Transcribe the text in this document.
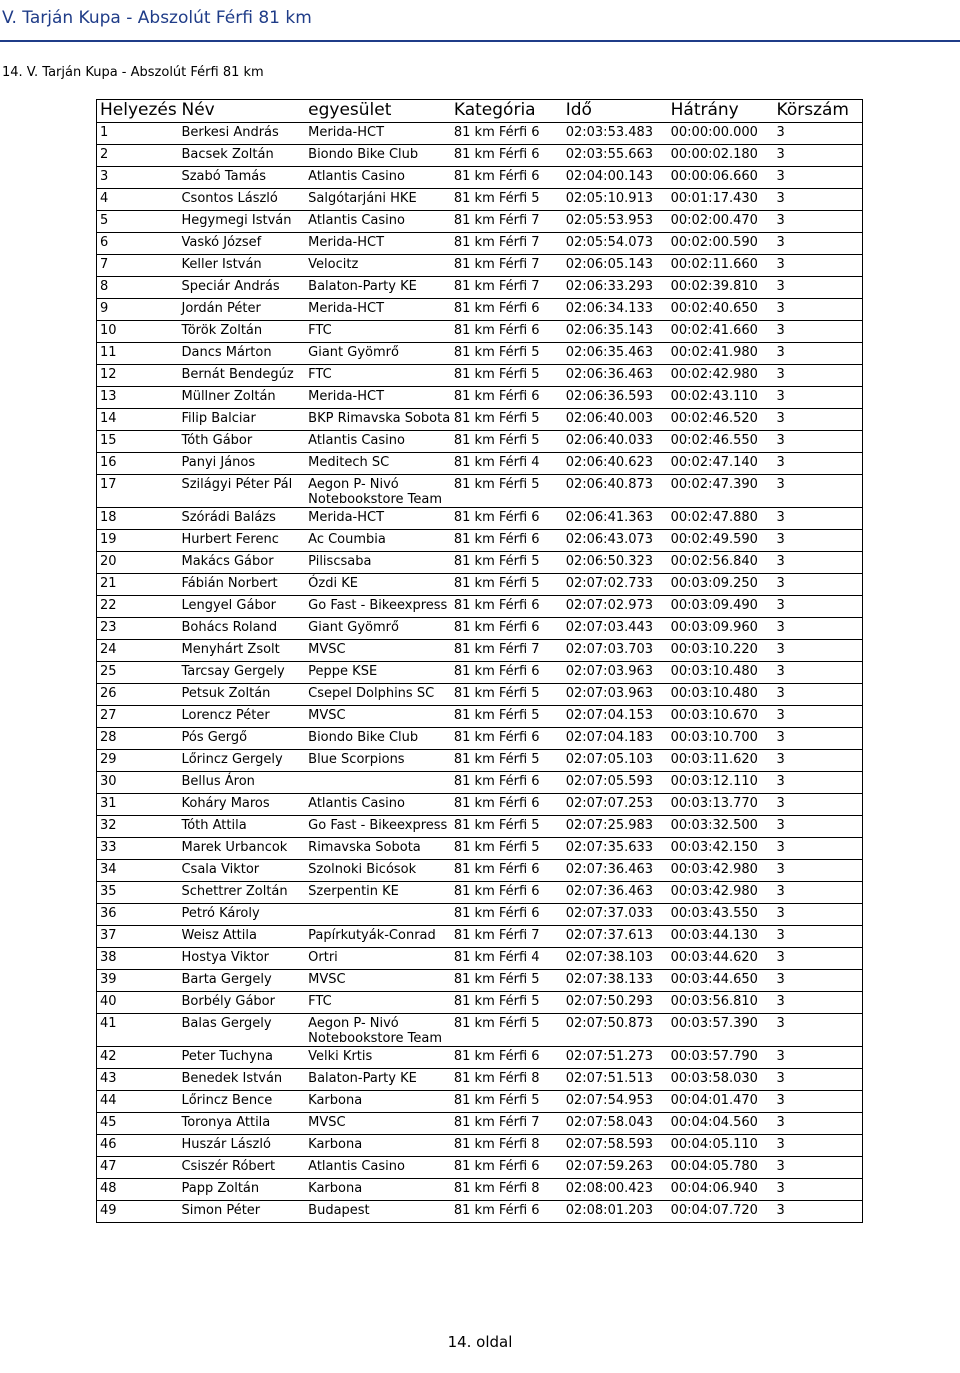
V. Tarján Kupa - Abszolút Férfi 81 km
14. V. Tarján Kupa - Abszolút Férfi 81 km
Helyezés	Név	egyesület	Kategória	Idő	Hátrány	Körszám
1	Berkesi András	Merida-HCT	81 km Férfi 6	02:03:53.483	00:00:00.000	3
2	Bacsek Zoltán	Biondo Bike Club	81 km Férfi 6	02:03:55.663	00:00:02.180	3
3	Szabó Tamás	Atlantis Casino	81 km Férfi 6	02:04:00.143	00:00:06.660	3
4	Csontos László	Salgótarjáni HKE	81 km Férfi 5	02:05:10.913	00:01:17.430	3
5	Hegymegi István	Atlantis Casino	81 km Férfi 7	02:05:53.953	00:02:00.470	3
6	Vaskó József	Merida-HCT	81 km Férfi 7	02:05:54.073	00:02:00.590	3
7	Keller István	Velocitz	81 km Férfi 7	02:06:05.143	00:02:11.660	3
8	Speciár András	Balaton-Party KE	81 km Férfi 7	02:06:33.293	00:02:39.810	3
9	Jordán Péter	Merida-HCT	81 km Férfi 6	02:06:34.133	00:02:40.650	3
10	Török Zoltán	FTC	81 km Férfi 6	02:06:35.143	00:02:41.660	3
11	Dancs Márton	Giant Gyömrő	81 km Férfi 5	02:06:35.463	00:02:41.980	3
12	Bernát Bendegúz	FTC	81 km Férfi 5	02:06:36.463	00:02:42.980	3
13	Müllner Zoltán	Merida-HCT	81 km Férfi 6	02:06:36.593	00:02:43.110	3
14	Filip Balciar	BKP Rimavska Sobota	81 km Férfi 5	02:06:40.003	00:02:46.520	3
15	Tóth Gábor	Atlantis Casino	81 km Férfi 5	02:06:40.033	00:02:46.550	3
16	Panyi János	Meditech SC	81 km Férfi 4	02:06:40.623	00:02:47.140	3
17	Szilágyi Péter Pál	Aegon P- Nivó Notebookstore Team	81 km Férfi 5	02:06:40.873	00:02:47.390	3
18	Szórádi Balázs	Merida-HCT	81 km Férfi 6	02:06:41.363	00:02:47.880	3
19	Hurbert Ferenc	Ac Coumbia	81 km Férfi 6	02:06:43.073	00:02:49.590	3
20	Makács Gábor	Piliscsaba	81 km Férfi 5	02:06:50.323	00:02:56.840	3
21	Fábián Norbert	Ózdi KE	81 km Férfi 5	02:07:02.733	00:03:09.250	3
22	Lengyel Gábor	Go Fast - Bikeexpress	81 km Férfi 6	02:07:02.973	00:03:09.490	3
23	Bohács Roland	Giant Gyömrő	81 km Férfi 6	02:07:03.443	00:03:09.960	3
24	Menyhárt Zsolt	MVSC	81 km Férfi 7	02:07:03.703	00:03:10.220	3
25	Tarcsay Gergely	Peppe KSE	81 km Férfi 6	02:07:03.963	00:03:10.480	3
26	Petsuk Zoltán	Csepel Dolphins SC	81 km Férfi 5	02:07:03.963	00:03:10.480	3
27	Lorencz Péter	MVSC	81 km Férfi 5	02:07:04.153	00:03:10.670	3
28	Pós Gergő	Biondo Bike Club	81 km Férfi 6	02:07:04.183	00:03:10.700	3
29	Lőrincz Gergely	Blue Scorpions	81 km Férfi 5	02:07:05.103	00:03:11.620	3
30	Bellus Áron		81 km Férfi 6	02:07:05.593	00:03:12.110	3
31	Koháry Maros	Atlantis Casino	81 km Férfi 6	02:07:07.253	00:03:13.770	3
32	Tóth Attila	Go Fast - Bikeexpress	81 km Férfi 5	02:07:25.983	00:03:32.500	3
33	Marek Urbancok	Rimavska Sobota	81 km Férfi 5	02:07:35.633	00:03:42.150	3
34	Csala Viktor	Szolnoki Bicósok	81 km Férfi 6	02:07:36.463	00:03:42.980	3
35	Schettrer Zoltán	Szerpentin KE	81 km Férfi 6	02:07:36.463	00:03:42.980	3
36	Petró Károly		81 km Férfi 6	02:07:37.033	00:03:43.550	3
37	Weisz Attila	Papírkutyák-Conrad	81 km Férfi 7	02:07:37.613	00:03:44.130	3
38	Hostya Viktor	Ortri	81 km Férfi 4	02:07:38.103	00:03:44.620	3
39	Barta Gergely	MVSC	81 km Férfi 5	02:07:38.133	00:03:44.650	3
40	Borbély Gábor	FTC	81 km Férfi 5	02:07:50.293	00:03:56.810	3
41	Balas Gergely	Aegon P- Nivó Notebookstore Team	81 km Férfi 5	02:07:50.873	00:03:57.390	3
42	Peter Tuchyna	Velki Krtis	81 km Férfi 6	02:07:51.273	00:03:57.790	3
43	Benedek István	Balaton-Party KE	81 km Férfi 8	02:07:51.513	00:03:58.030	3
44	Lőrincz Bence	Karbona	81 km Férfi 5	02:07:54.953	00:04:01.470	3
45	Toronya Attila	MVSC	81 km Férfi 7	02:07:58.043	00:04:04.560	3
46	Huszár László	Karbona	81 km Férfi 8	02:07:58.593	00:04:05.110	3
47	Csiszér Róbert	Atlantis Casino	81 km Férfi 6	02:07:59.263	00:04:05.780	3
48	Papp Zoltán	Karbona	81 km Férfi 8	02:08:00.423	00:04:06.940	3
49	Simon Péter	Budapest	81 km Férfi 6	02:08:01.203	00:04:07.720	3
14. oldal
